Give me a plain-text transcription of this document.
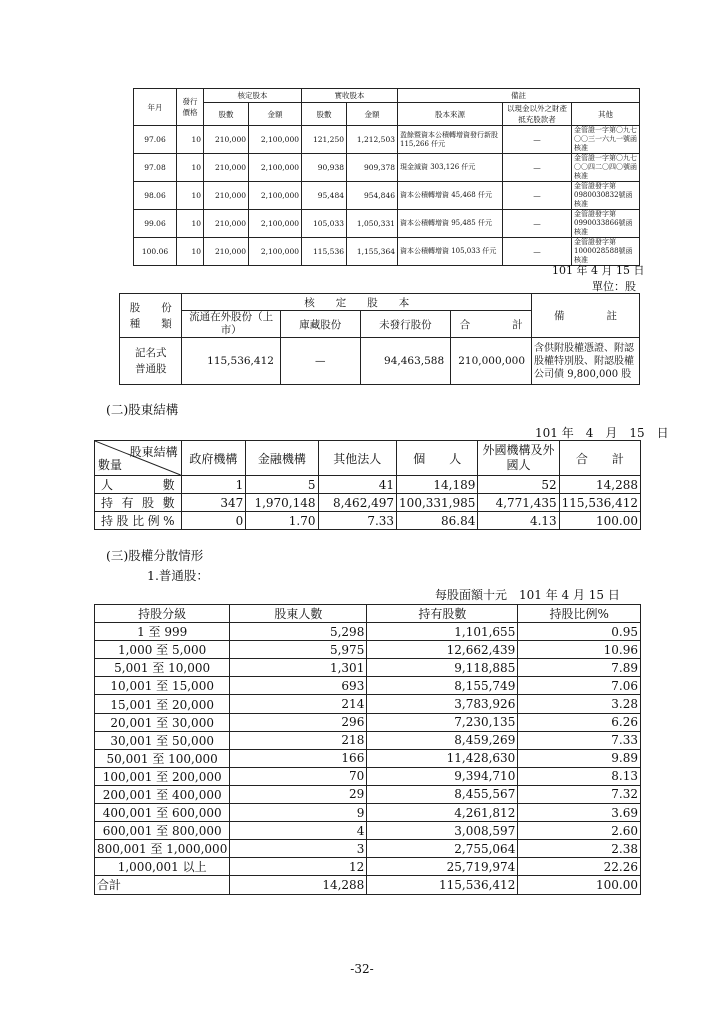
年月	發行價格	核定股本		實收股本		備註		
		股數	金額	股數	金額	股本來源	以現金以外之財產抵充股款者	其他
97.06	10	210,000	2,100,000	121,250	1,212,503	盈餘暨資本公積轉增資發行新股 115,266 仟元	—	金管證一字第〇九七〇〇三一六九一號函核准
97.08	10	210,000	2,100,000	90,938	909,378	現金減資 303,126 仟元	—	金管證一字第〇九七〇〇四二〇四〇號函核准
98.06	10	210,000	2,100,000	95,484	954,846	資本公積轉增資 45,468 仟元	—	金管證發字第0980030832號函核准
99.06	10	210,000	2,100,000	105,033	1,050,331	資本公積轉增資 95,485 仟元	—	金管證發字第0990033866號函核准
100.06	10	210,000	2,100,000	115,536	1,155,364	資本公積轉增資 105,033 仟元	—	金管證發字第1000028588號函核准
101 年 4 月 15 日
單位：股
股　　份
種　　類	核　　定　　股　　本				備　　　　註
	流通在外股份（上市）	庫藏股份	未發行股份	合　　　　計	
記名式普通股	115,536,412	—	94,463,588	210,000,000	含供附股權憑證、附認股權特別股、附認股權公司債 9,800,000 股
(二)股東結構
101 年　4　月　15　日
股東結構
數量	政府機構	金融機構	其他法人	個　　人	外國機構及外國人	合　　計
人　　數	1	5	41	14,189	52	14,288
持有股數	347	1,970,148	8,462,497	100,331,985	4,771,435	115,536,412
持股比例%	0	1.70	7.33	86.84	4.13	100.00
(三)股權分散情形
1.普通股：
每股面額十元　101 年 4 月 15 日
持股分級	股東人數	持有股數	持股比例%
1 至 999	5,298	1,101,655	0.95
1,000 至 5,000	5,975	12,662,439	10.96
5,001 至 10,000	1,301	9,118,885	7.89
10,001 至 15,000	693	8,155,749	7.06
15,001 至 20,000	214	3,783,926	3.28
20,001 至 30,000	296	7,230,135	6.26
30,001 至 50,000	218	8,459,269	7.33
50,001 至 100,000	166	11,428,630	9.89
100,001 至 200,000	70	9,394,710	8.13
200,001 至 400,000	29	8,455,567	7.32
400,001 至 600,000	9	4,261,812	3.69
600,001 至 800,000	4	3,008,597	2.60
800,001 至 1,000,000	3	2,755,064	2.38
1,000,001 以上	12	25,719,974	22.26
合計	14,288	115,536,412	100.00
-32-
